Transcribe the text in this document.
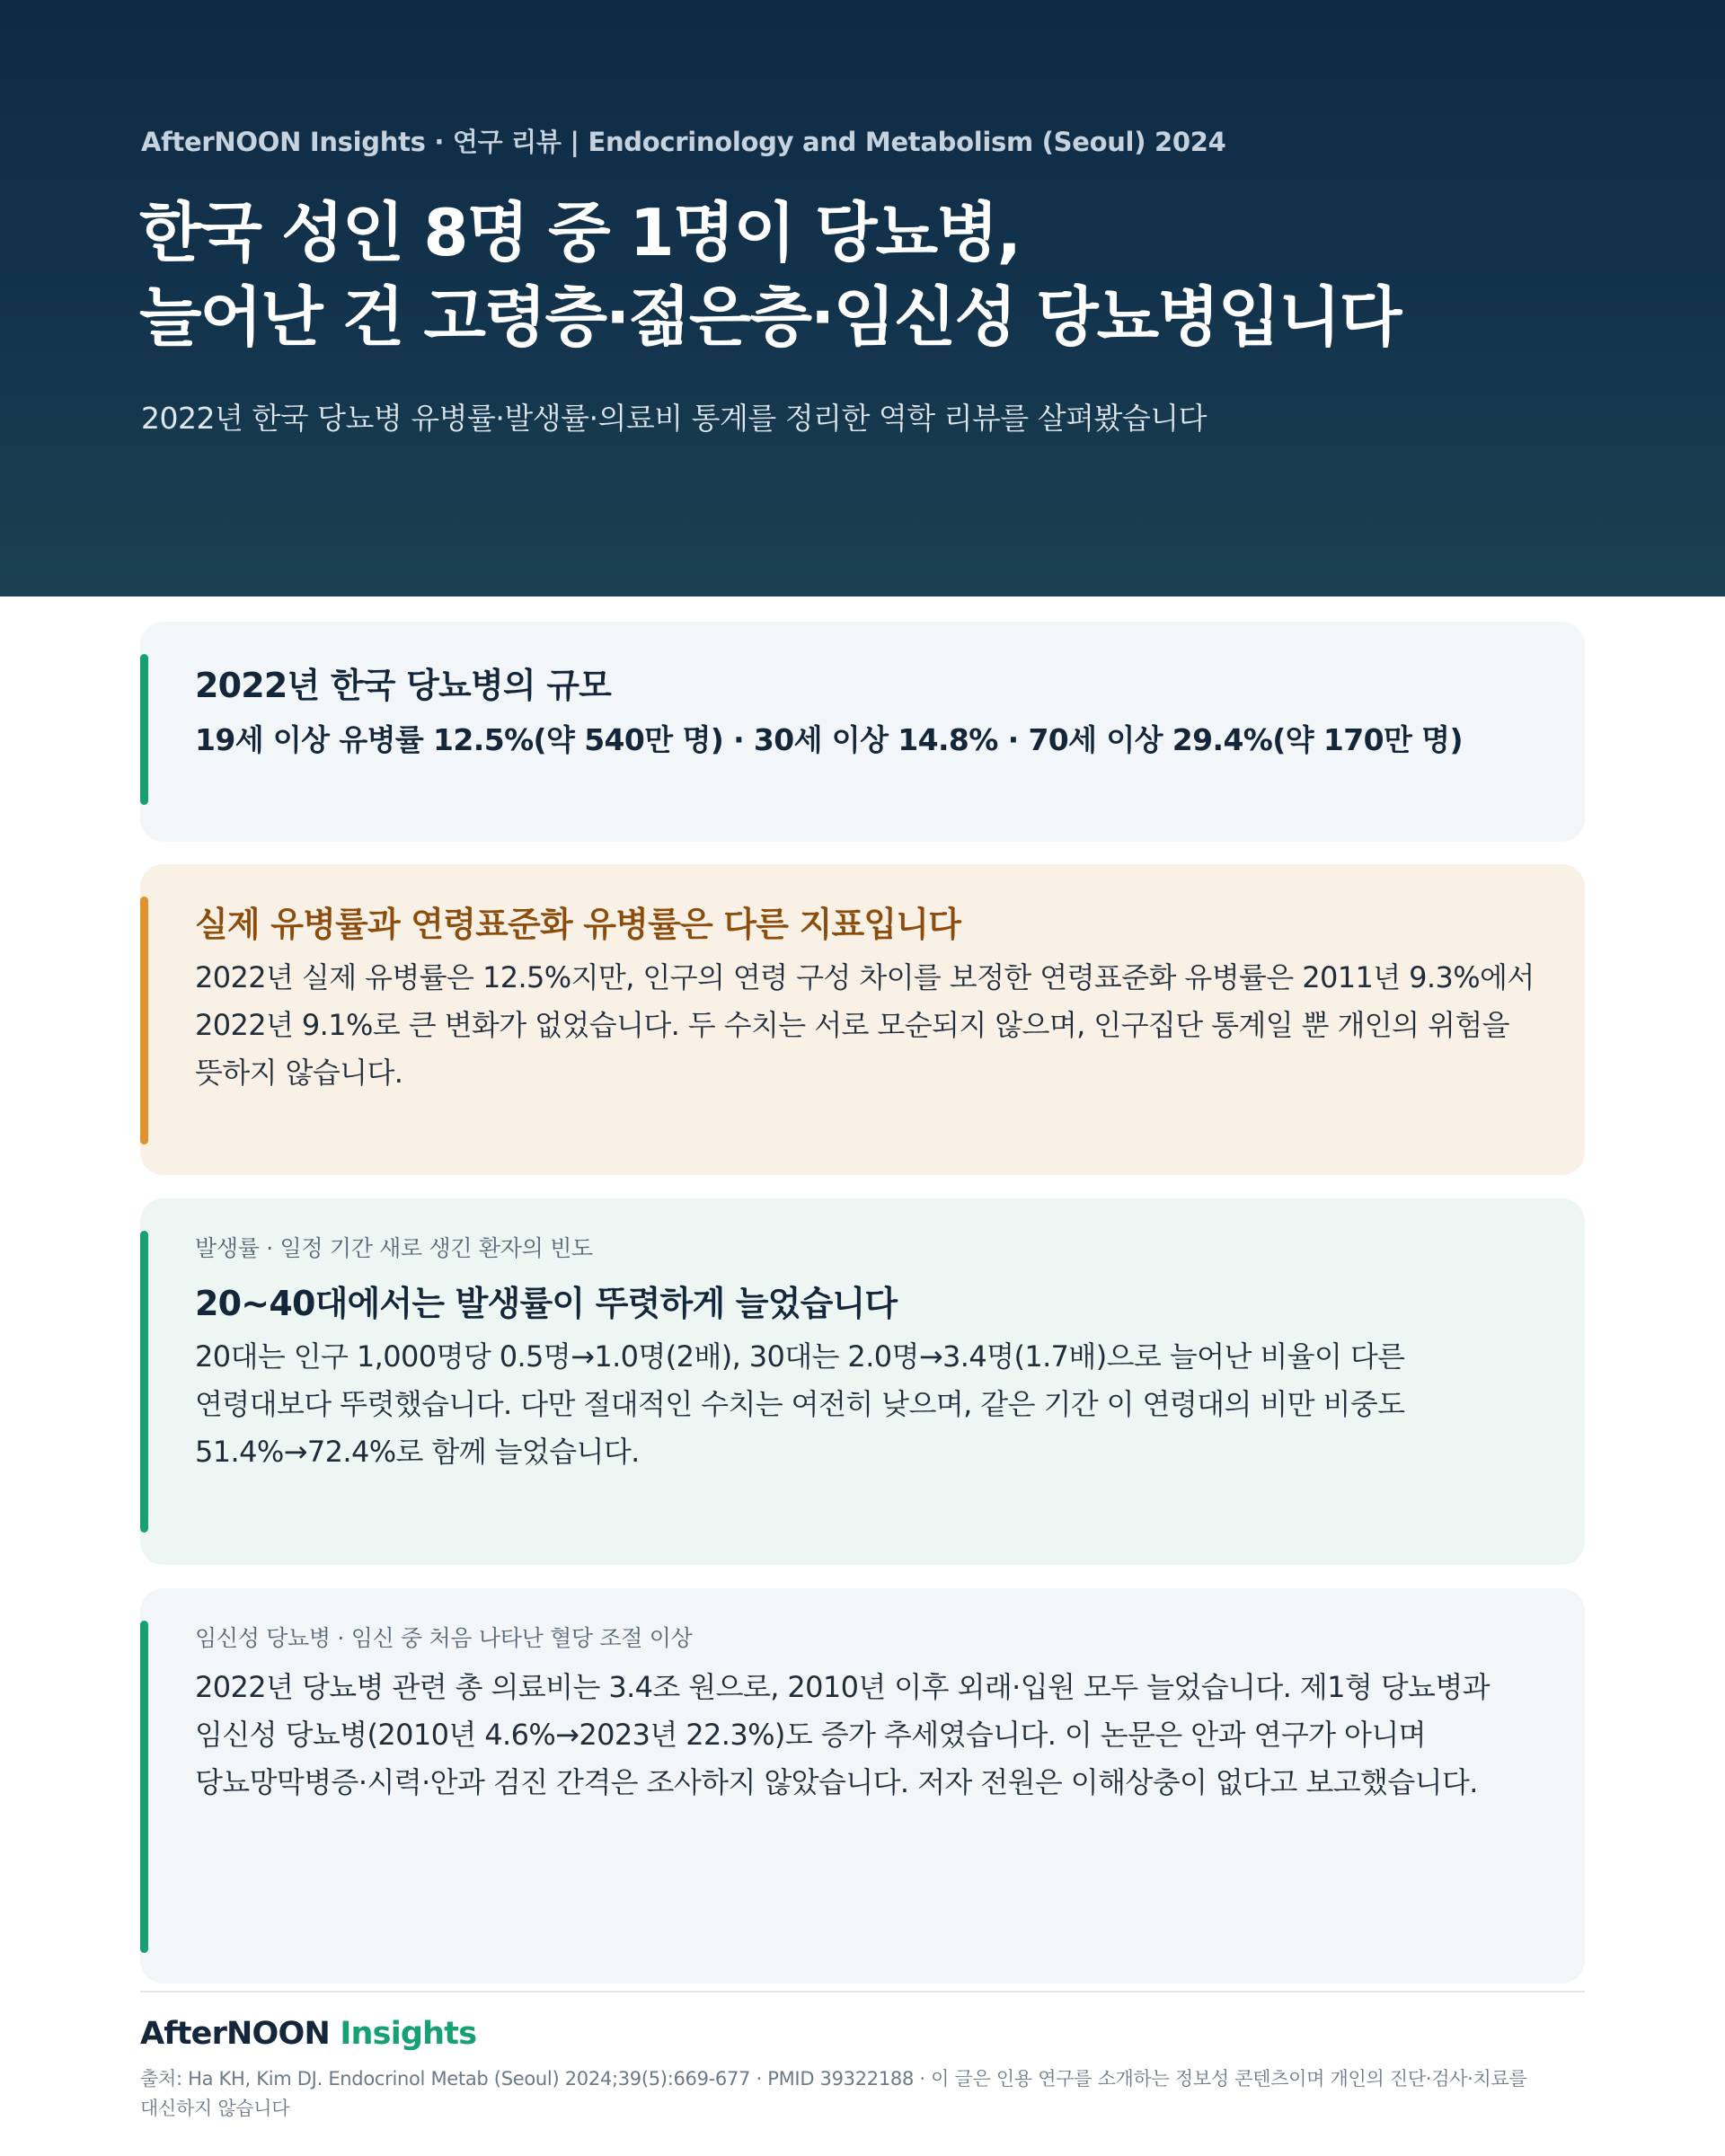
AfterNOON Insights · 연구 리뷰 | Endocrinology and Metabolism (Seoul) 2024
한국 성인 8명 중 1명이 당뇨병,
늘어난 건 고령층·젊은층·임신성 당뇨병입니다
2022년 한국 당뇨병 유병률·발생률·의료비 통계를 정리한 역학 리뷰를 살펴봤습니다
2022년 한국 당뇨병의 규모
19세 이상 유병률 12.5%(약 540만 명) · 30세 이상 14.8% · 70세 이상 29.4%(약 170만 명)
실제 유병률과 연령표준화 유병률은 다른 지표입니다
2022년 실제 유병률은 12.5%지만, 인구의 연령 구성 차이를 보정한 연령표준화 유병률은 2011년 9.3%에서
2022년 9.1%로 큰 변화가 없었습니다. 두 수치는 서로 모순되지 않으며, 인구집단 통계일 뿐 개인의 위험을
뜻하지 않습니다.
발생률 · 일정 기간 새로 생긴 환자의 빈도
20~40대에서는 발생률이 뚜렷하게 늘었습니다
20대는 인구 1,000명당 0.5명→1.0명(2배), 30대는 2.0명→3.4명(1.7배)으로 늘어난 비율이 다른
연령대보다 뚜렷했습니다. 다만 절대적인 수치는 여전히 낮으며, 같은 기간 이 연령대의 비만 비중도
51.4%→72.4%로 함께 늘었습니다.
임신성 당뇨병 · 임신 중 처음 나타난 혈당 조절 이상
2022년 당뇨병 관련 총 의료비는 3.4조 원으로, 2010년 이후 외래·입원 모두 늘었습니다. 제1형 당뇨병과
임신성 당뇨병(2010년 4.6%→2023년 22.3%)도 증가 추세였습니다. 이 논문은 안과 연구가 아니며
당뇨망막병증·시력·안과 검진 간격은 조사하지 않았습니다. 저자 전원은 이해상충이 없다고 보고했습니다.
AfterNOON Insights
출처: Ha KH, Kim DJ. Endocrinol Metab (Seoul) 2024;39(5):669-677 · PMID 39322188 · 이 글은 인용 연구를 소개하는 정보성 콘텐츠이며 개인의 진단·검사·치료를
대신하지 않습니다
